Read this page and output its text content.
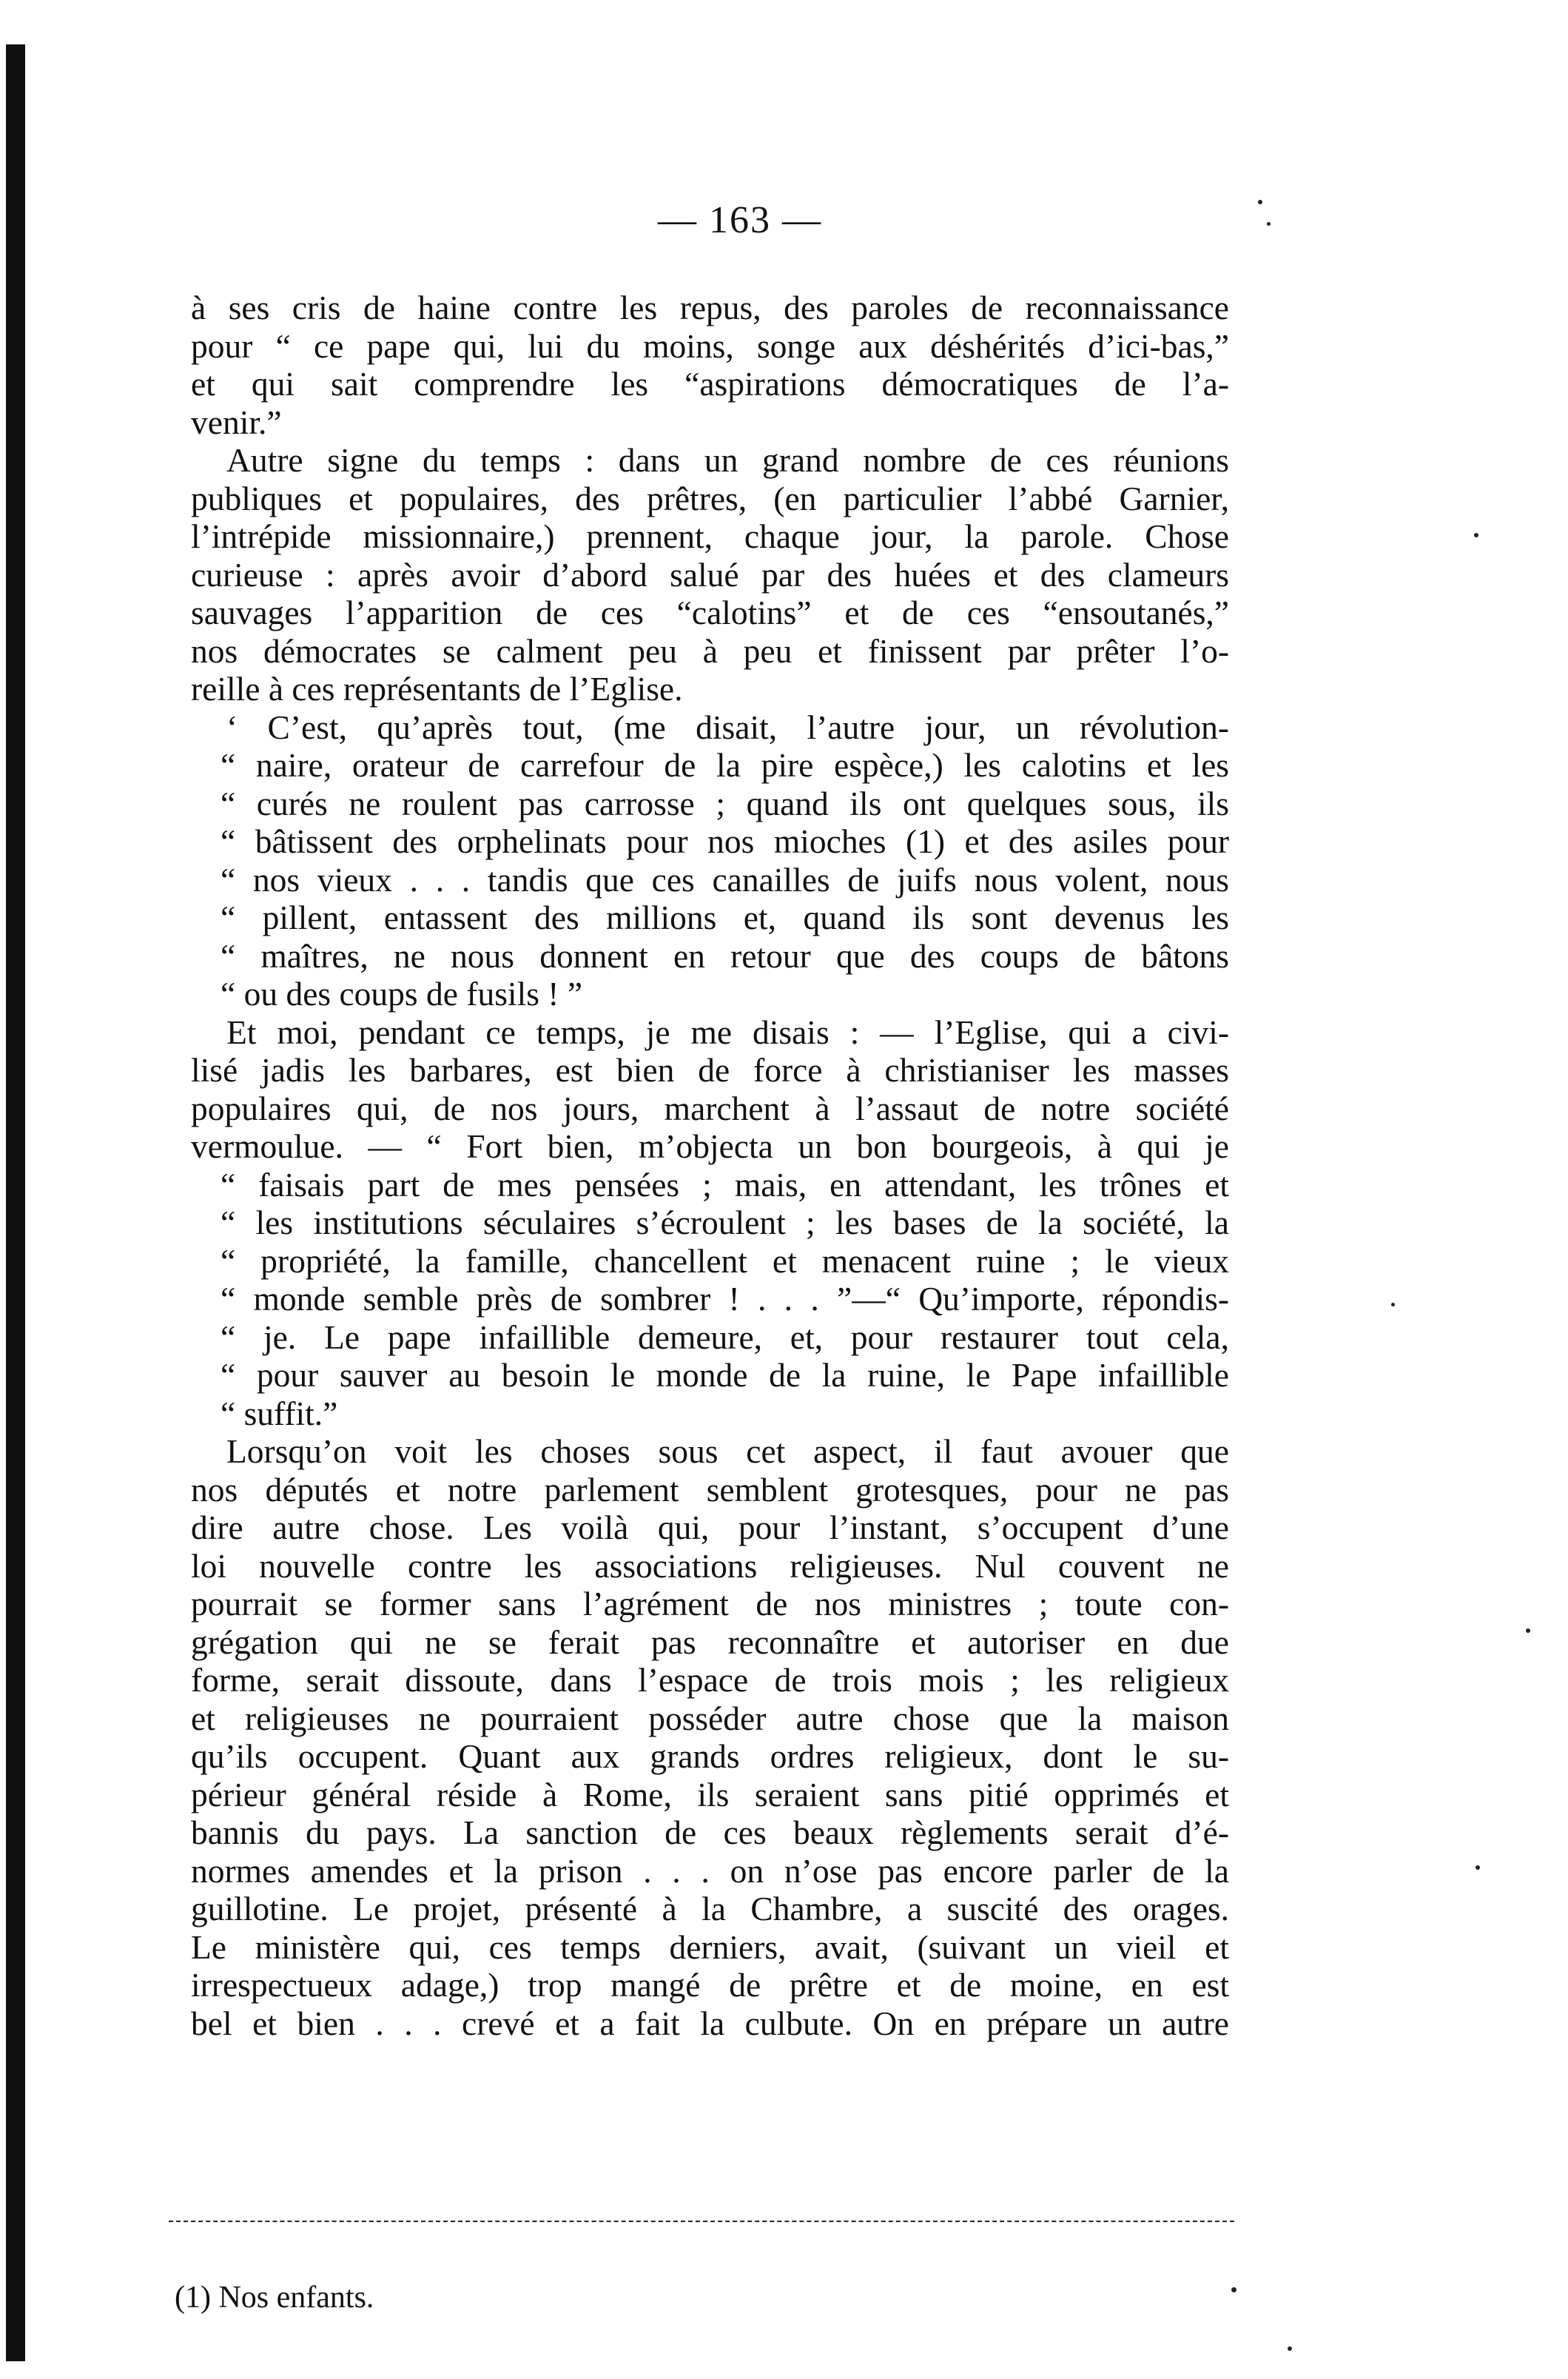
— 163 —
à ses cris de haine contre les repus, des paroles de reconnaissance
pour “ ce pape qui, lui du moins, songe aux déshérités d’ici-bas,”
et qui sait comprendre les “aspirations démocratiques de l’a-
venir.”
Autre signe du temps : dans un grand nombre de ces réunions
publiques et populaires, des prêtres, (en particulier l’abbé Garnier,
l’intrépide missionnaire,) prennent, chaque jour, la parole. Chose
curieuse : après avoir d’abord salué par des huées et des clameurs
sauvages l’apparition de ces “calotins” et de ces “ensoutanés,”
nos démocrates se calment peu à peu et finissent par prêter l’o-
reille à ces représentants de l’Eglise.
‘ C’est, qu’après tout, (me disait, l’autre jour, un révolution-
“ naire, orateur de carrefour de la pire espèce,) les calotins et les
“ curés ne roulent pas carrosse ; quand ils ont quelques sous, ils
“ bâtissent des orphelinats pour nos mioches (1) et des asiles pour
“ nos vieux . . . tandis que ces canailles de juifs nous volent, nous
“ pillent, entassent des millions et, quand ils sont devenus les
“ maîtres, ne nous donnent en retour que des coups de bâtons
“ ou des coups de fusils ! ”
Et moi, pendant ce temps, je me disais : — l’Eglise, qui a civi-
lisé jadis les barbares, est bien de force à christianiser les masses
populaires qui, de nos jours, marchent à l’assaut de notre société
vermoulue. — “ Fort bien, m’objecta un bon bourgeois, à qui je
“ faisais part de mes pensées ; mais, en attendant, les trônes et
“ les institutions séculaires s’écroulent ; les bases de la société, la
“ propriété, la famille, chancellent et menacent ruine ; le vieux
“ monde semble près de sombrer ! . . . ”—“ Qu’importe, répondis-
“ je. Le pape infaillible demeure, et, pour restaurer tout cela,
“ pour sauver au besoin le monde de la ruine, le Pape infaillible
“ suffit.”
Lorsqu’on voit les choses sous cet aspect, il faut avouer que
nos députés et notre parlement semblent grotesques, pour ne pas
dire autre chose. Les voilà qui, pour l’instant, s’occupent d’une
loi nouvelle contre les associations religieuses. Nul couvent ne
pourrait se former sans l’agrément de nos ministres ; toute con-
grégation qui ne se ferait pas reconnaître et autoriser en due
forme, serait dissoute, dans l’espace de trois mois ; les religieux
et religieuses ne pourraient posséder autre chose que la maison
qu’ils occupent. Quant aux grands ordres religieux, dont le su-
périeur général réside à Rome, ils seraient sans pitié opprimés et
bannis du pays. La sanction de ces beaux règlements serait d’é-
normes amendes et la prison . . . on n’ose pas encore parler de la
guillotine. Le projet, présenté à la Chambre, a suscité des orages.
Le ministère qui, ces temps derniers, avait, (suivant un vieil et
irrespectueux adage,) trop mangé de prêtre et de moine, en est
bel et bien . . . crevé et a fait la culbute. On en prépare un autre
(1) Nos enfants.
